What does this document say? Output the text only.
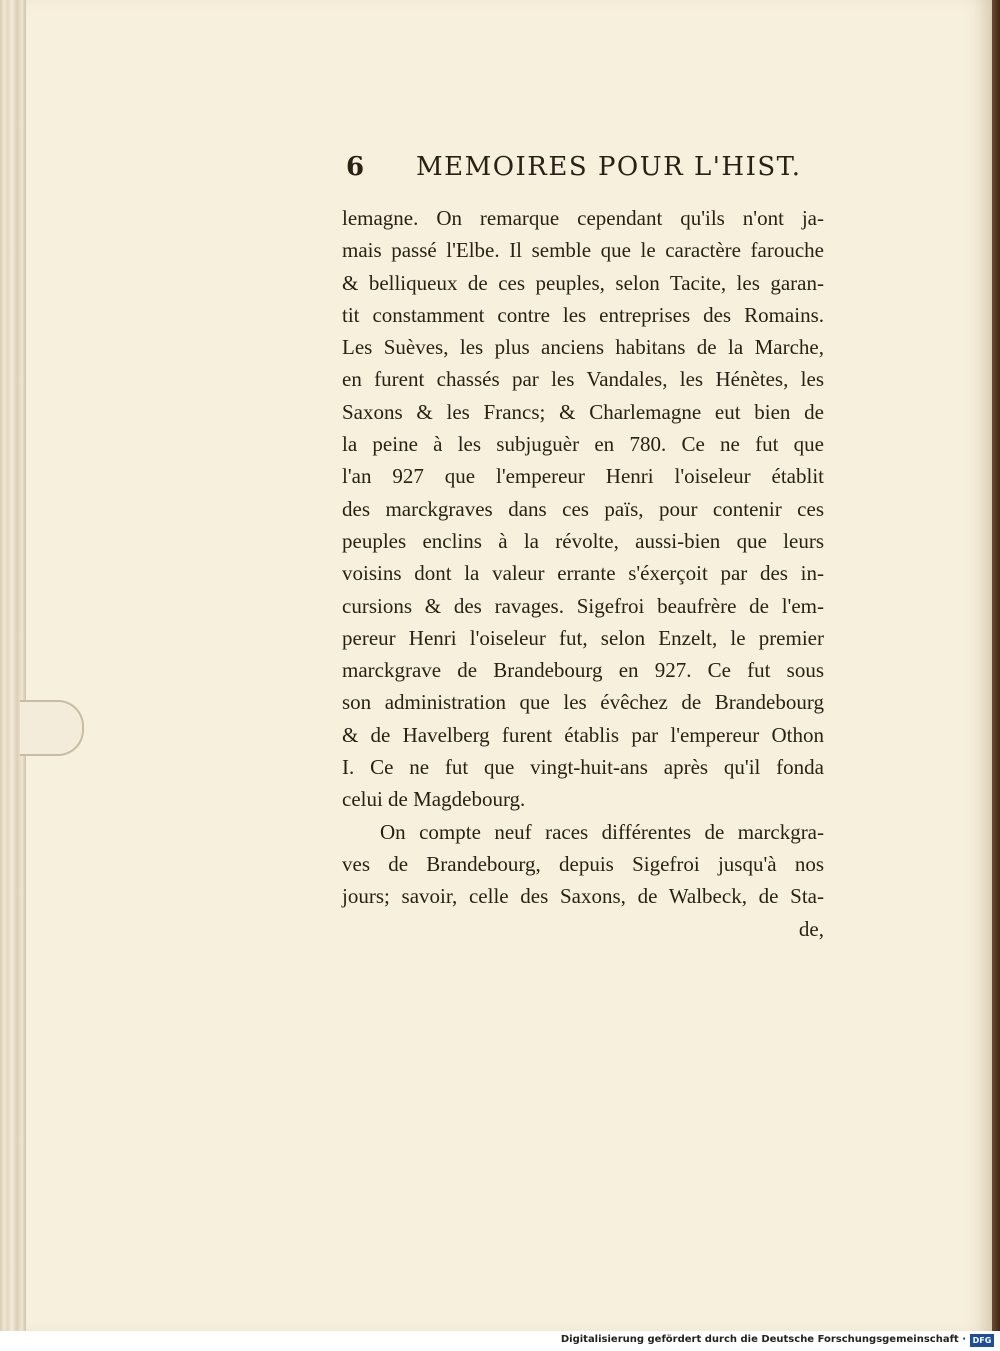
6 MEMOIRES POUR L'HIST.
lemagne. On remarque cependant qu'ils n'ont ja-
mais passé l'Elbe. Il semble que le caractère farouche
& belliqueux de ces peuples, selon Tacite, les garan-
tit constamment contre les entreprises des Romains.
Les Suèves, les plus anciens habitans de la Marche,
en furent chassés par les Vandales, les Hénètes, les
Saxons & les Francs; & Charlemagne eut bien de
la peine à les subjuguèr en 780. Ce ne fut que
l'an 927 que l'empereur Henri l'oiseleur établit
des marckgraves dans ces païs, pour contenir ces
peuples enclins à la révolte, aussi-bien que leurs
voisins dont la valeur errante s'éxerçoit par des in-
cursions & des ravages. Sigefroi beaufrère de l'em-
pereur Henri l'oiseleur fut, selon Enzelt, le premier
marckgrave de Brandebourg en 927. Ce fut sous
son administration que les évêchez de Brandebourg
& de Havelberg furent établis par l'empereur Othon
I. Ce ne fut que vingt-huit-ans après qu'il fonda
celui de Magdebourg.
On compte neuf races différentes de marckgra-
ves de Brandebourg, depuis Sigefroi jusqu'à nos
jours; savoir, celle des Saxons, de Walbeck, de Sta-
de,
Digitalisierung gefördert durch die Deutsche Forschungsgemeinschaft · DFG
